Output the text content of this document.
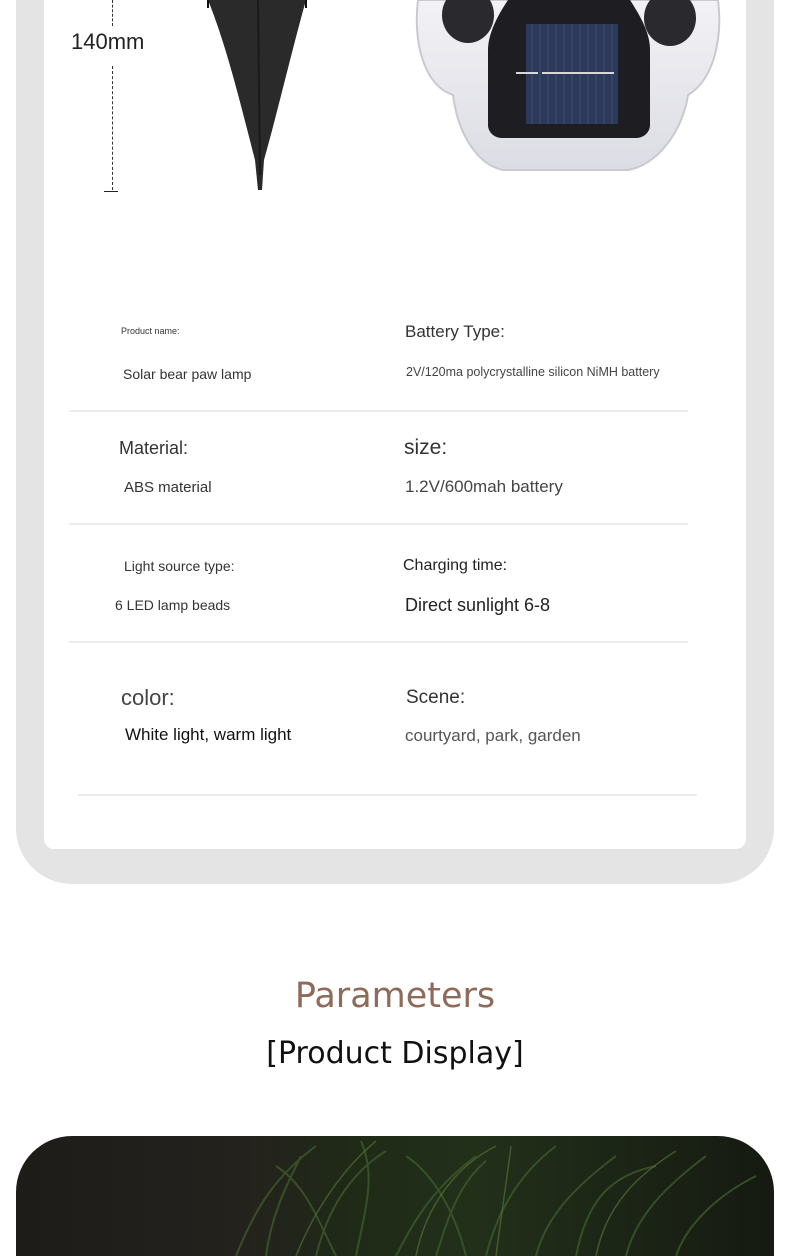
140mm
Product name:
Solar bear paw lamp
Battery Type:
2V/120ma polycrystalline silicon NiMH battery
Material:
ABS material
size:
1.2V/600mah battery
Light source type:
6 LED lamp beads
Charging time:
Direct sunlight 6-8
color:
White light, warm light
Scene:
courtyard, park, garden
Parameters
[Product Display]
